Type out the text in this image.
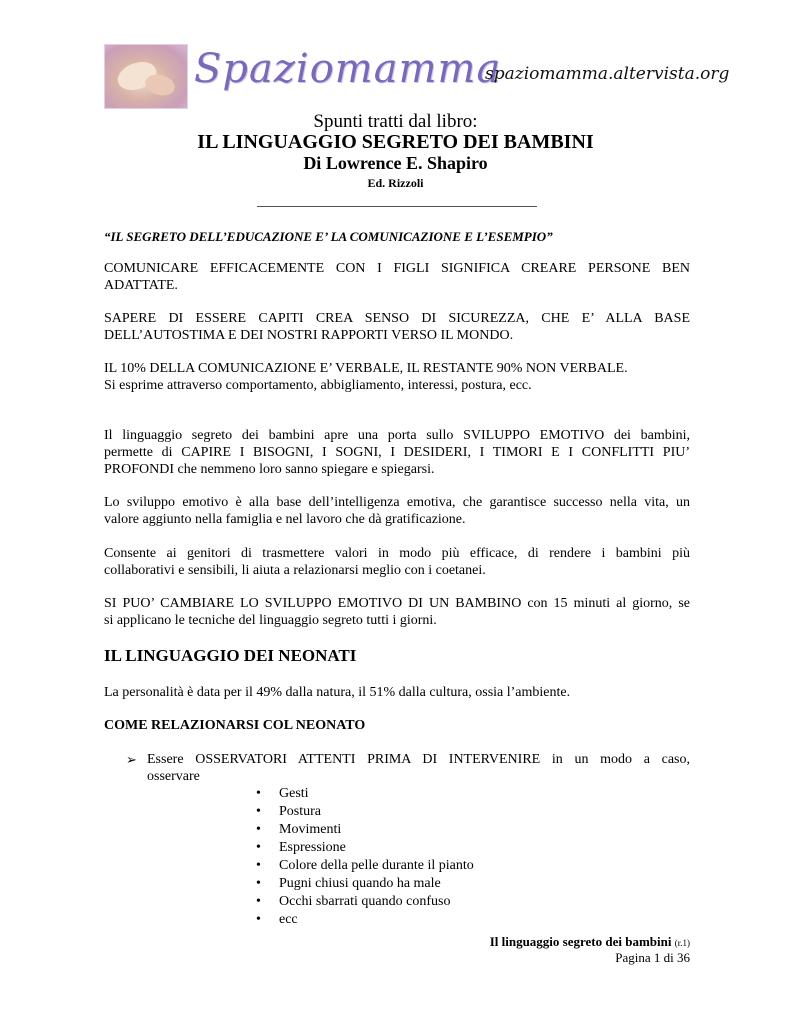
Spaziomamma
spaziomamma.altervista.org
Spunti tratti dal libro:
IL LINGUAGGIO SEGRETO DEI BAMBINI
Di Lowrence E. Shapiro
Ed. Rizzoli
“IL SEGRETO DELL’EDUCAZIONE E’ LA COMUNICAZIONE E L’ESEMPIO”
COMUNICARE EFFICACEMENTE CON I FIGLI SIGNIFICA CREARE PERSONE BEN
ADATTATE.
SAPERE DI ESSERE CAPITI CREA SENSO DI SICUREZZA, CHE E’ ALLA BASE
DELL’AUTOSTIMA E DEI NOSTRI RAPPORTI VERSO IL MONDO.
IL 10% DELLA COMUNICAZIONE E’ VERBALE, IL RESTANTE 90% NON VERBALE.
Si esprime attraverso comportamento, abbigliamento, interessi, postura, ecc.
Il linguaggio segreto dei bambini apre una porta sullo SVILUPPO EMOTIVO dei bambini,
permette di CAPIRE I BISOGNI, I SOGNI, I DESIDERI, I TIMORI E I CONFLITTI PIU’
PROFONDI che nemmeno loro sanno spiegare e spiegarsi.
Lo sviluppo emotivo è alla base dell’intelligenza emotiva, che garantisce successo nella vita, un
valore aggiunto nella famiglia e nel lavoro che dà gratificazione.
Consente ai genitori di trasmettere valori in modo più efficace, di rendere i bambini più
collaborativi e sensibili, li aiuta a relazionarsi meglio con i coetanei.
SI PUO’ CAMBIARE LO SVILUPPO EMOTIVO DI UN BAMBINO con 15 minuti al giorno, se
si applicano le tecniche del linguaggio segreto tutti i giorni.
IL LINGUAGGIO DEI NEONATI
La personalità è data per il 49% dalla natura, il 51% dalla cultura, ossia l’ambiente.
COME RELAZIONARSI COL NEONATO
➢ Essere OSSERVATORI ATTENTI PRIMA DI INTERVENIRE in un modo a caso,
osservare
• Gesti
• Postura
• Movimenti
• Espressione
• Colore della pelle durante il pianto
• Pugni chiusi quando ha male
• Occhi sbarrati quando confuso
• ecc
Il linguaggio segreto dei bambini (r.1)
Pagina 1 di 36
